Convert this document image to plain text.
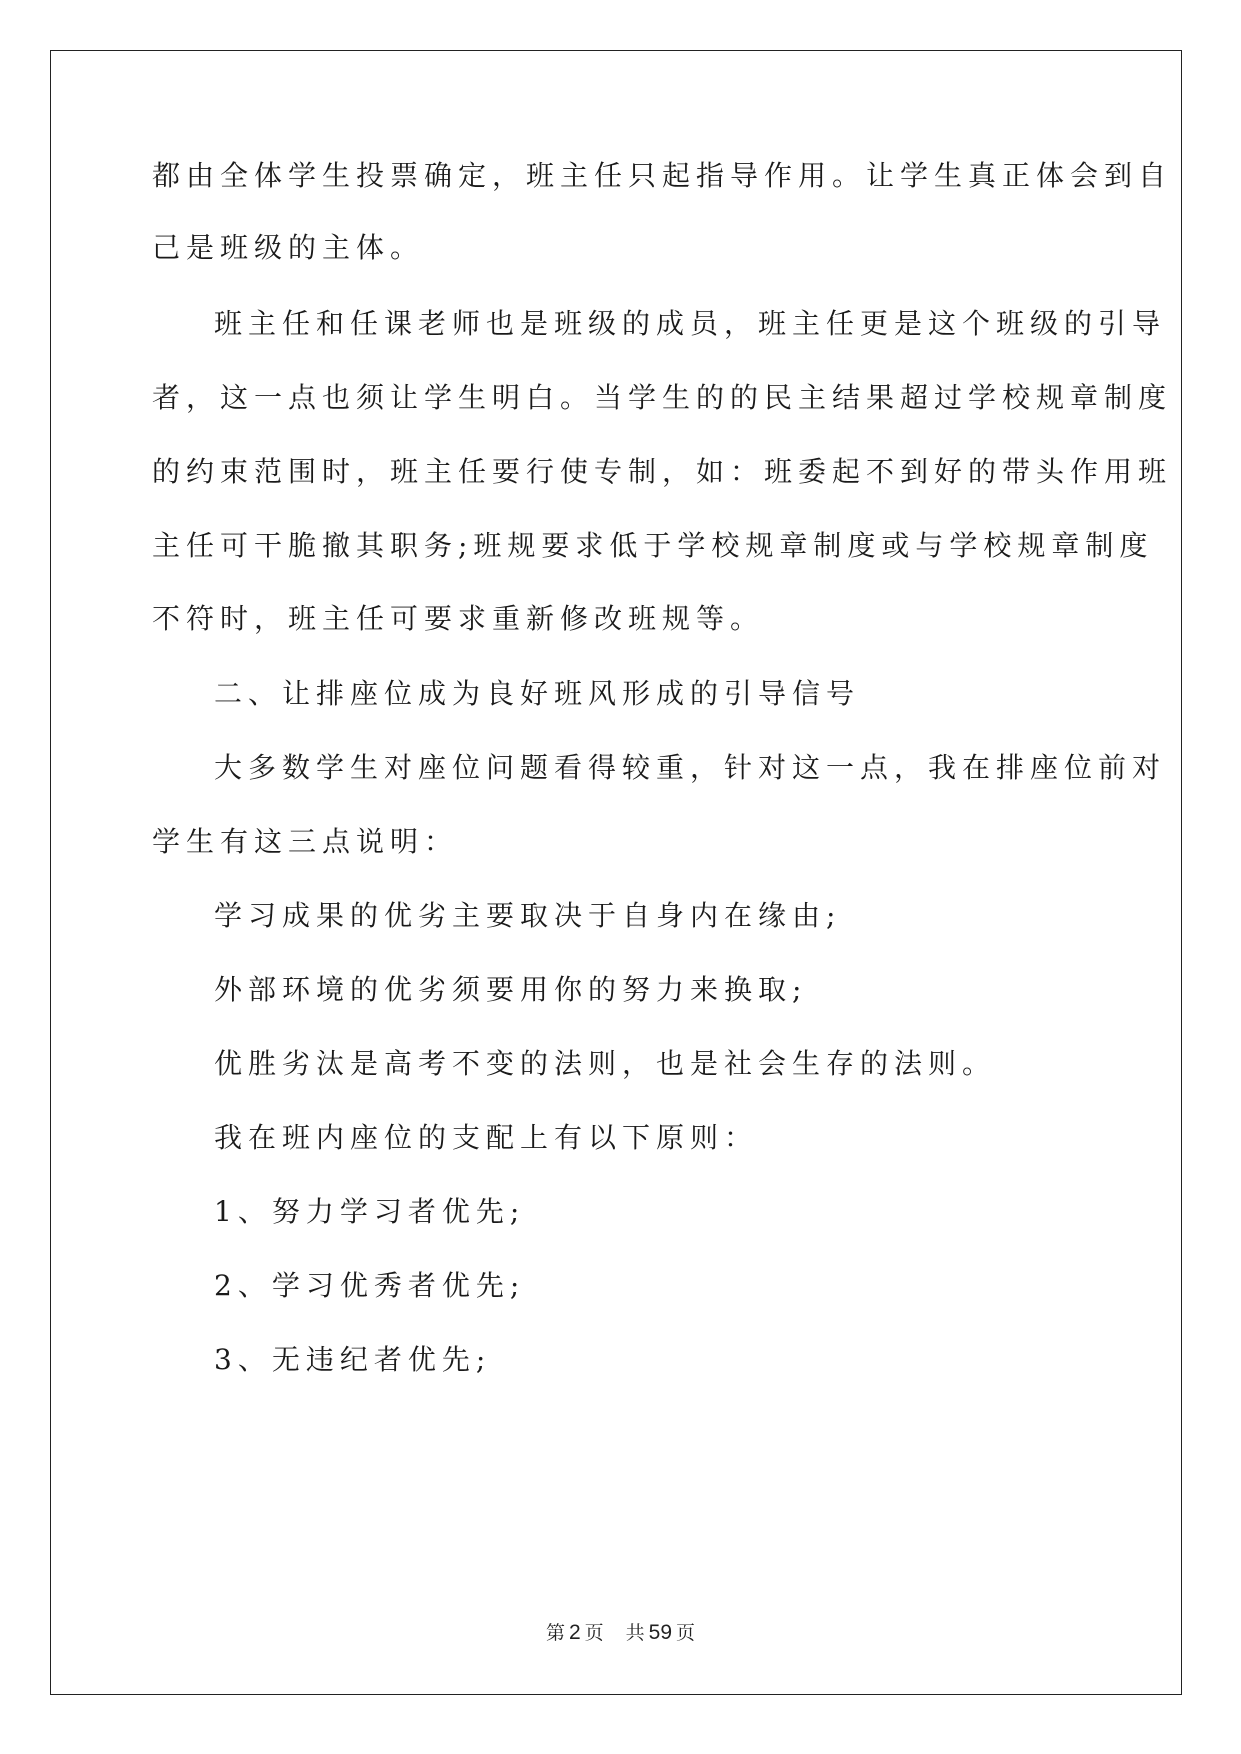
都由全体学生投票确定，班主任只起指导作用。让学生真正体会到自
己是班级的主体。
班主任和任课老师也是班级的成员，班主任更是这个班级的引导
者，这一点也须让学生明白。当学生的的民主结果超过学校规章制度
的约束范围时，班主任要行使专制，如：班委起不到好的带头作用班
主任可干脆撤其职务;班规要求低于学校规章制度或与学校规章制度
不符时，班主任可要求重新修改班规等。
二、让排座位成为良好班风形成的引导信号
大多数学生对座位问题看得较重，针对这一点，我在排座位前对
学生有这三点说明：
学习成果的优劣主要取决于自身内在缘由;
外部环境的优劣须要用你的努力来换取;
优胜劣汰是高考不变的法则，也是社会生存的法则。
我在班内座位的支配上有以下原则：
1、努力学习者优先;
2、学习优秀者优先;
3、无违纪者优先;
第 2 页 共 59 页
